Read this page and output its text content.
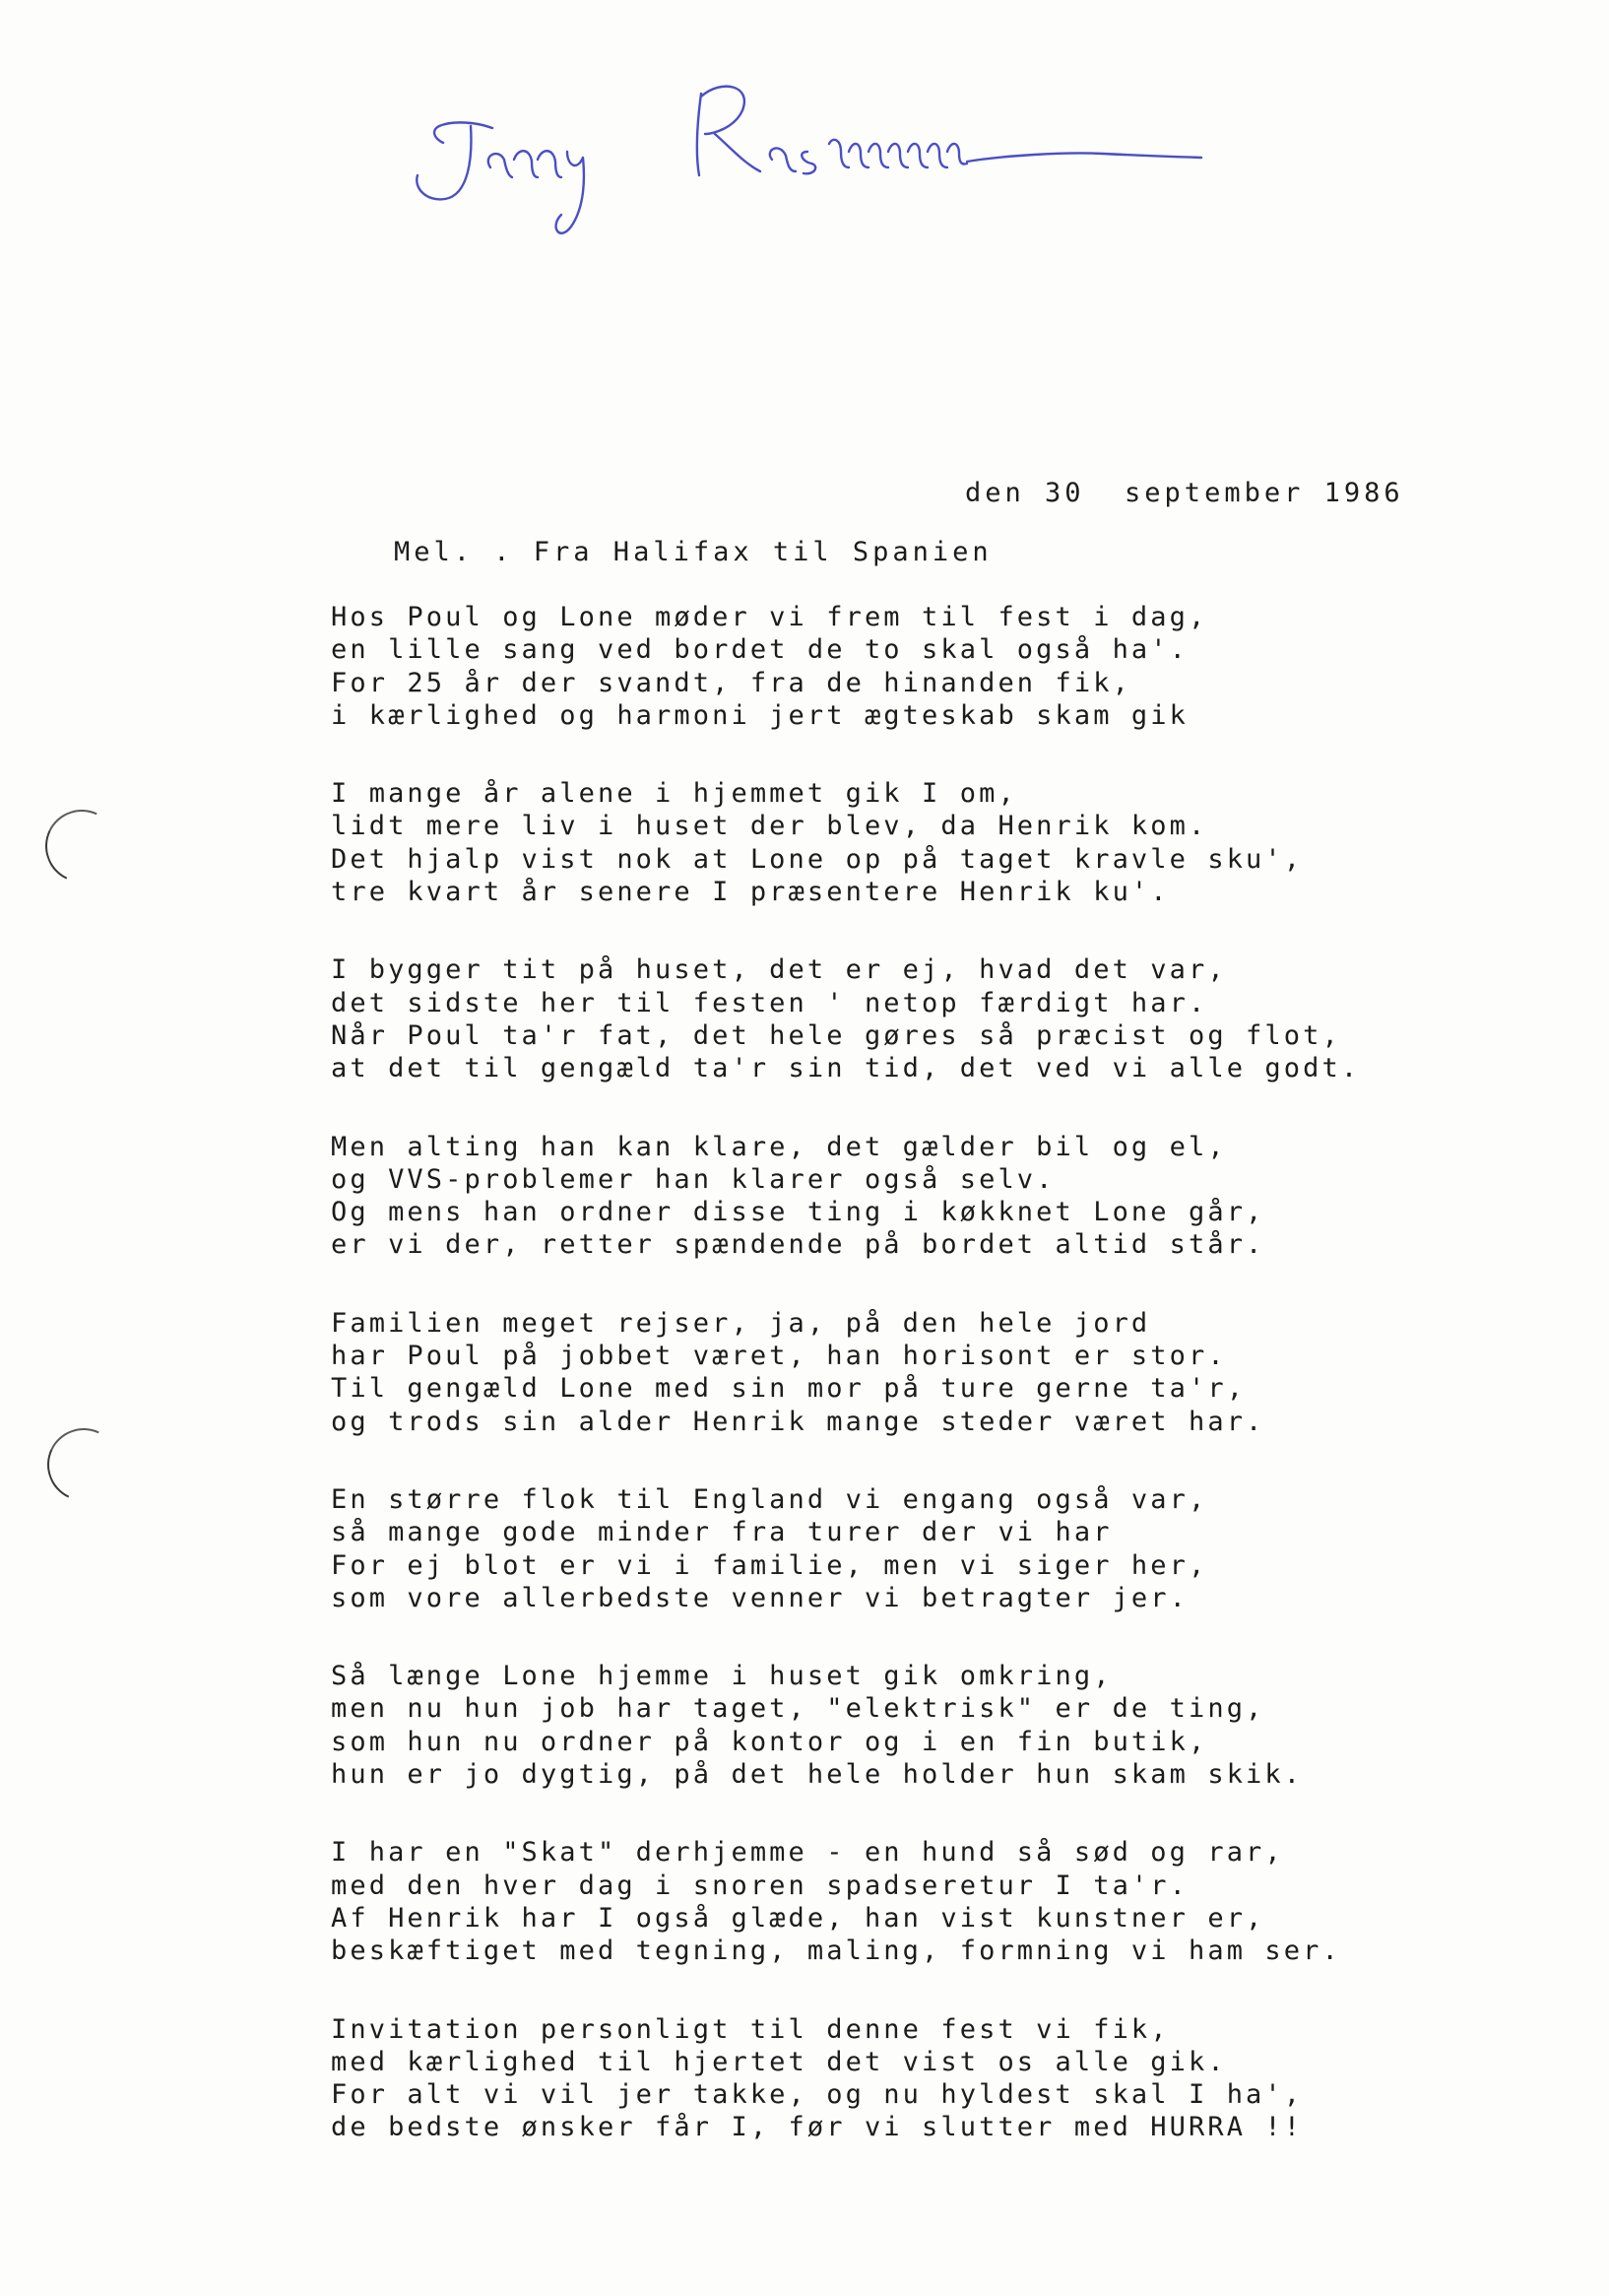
den 30  september 1986
Mel. . Fra Halifax til Spanien
Hos Poul og Lone møder vi frem til fest i dag,
en lille sang ved bordet de to skal også ha'.
For 25 år der svandt, fra de hinanden fik,
i kærlighed og harmoni jert ægteskab skam gik
I mange år alene i hjemmet gik I om,
lidt mere liv i huset der blev, da Henrik kom.
Det hjalp vist nok at Lone op på taget kravle sku',
tre kvart år senere I præsentere Henrik ku'.
I bygger tit på huset, det er ej, hvad det var,
det sidste her til festen ' netop færdigt har.
Når Poul ta'r fat, det hele gøres så præcist og flot,
at det til gengæld ta'r sin tid, det ved vi alle godt.
Men alting han kan klare, det gælder bil og el,
og VVS-problemer han klarer også selv.
Og mens han ordner disse ting i køkknet Lone går,
er vi der, retter spændende på bordet altid står.
Familien meget rejser, ja, på den hele jord
har Poul på jobbet været, han horisont er stor.
Til gengæld Lone med sin mor på ture gerne ta'r,
og trods sin alder Henrik mange steder været har.
En større flok til England vi engang også var,
så mange gode minder fra turer der vi har
For ej blot er vi i familie, men vi siger her,
som vore allerbedste venner vi betragter jer.
Så længe Lone hjemme i huset gik omkring,
men nu hun job har taget, "elektrisk" er de ting,
som hun nu ordner på kontor og i en fin butik,
hun er jo dygtig, på det hele holder hun skam skik.
I har en "Skat" derhjemme - en hund så sød og rar,
med den hver dag i snoren spadseretur I ta'r.
Af Henrik har I også glæde, han vist kunstner er,
beskæftiget med tegning, maling, formning vi ham ser.
Invitation personligt til denne fest vi fik,
med kærlighed til hjertet det vist os alle gik.
For alt vi vil jer takke, og nu hyldest skal I ha',
de bedste ønsker får I, før vi slutter med HURRA !!
